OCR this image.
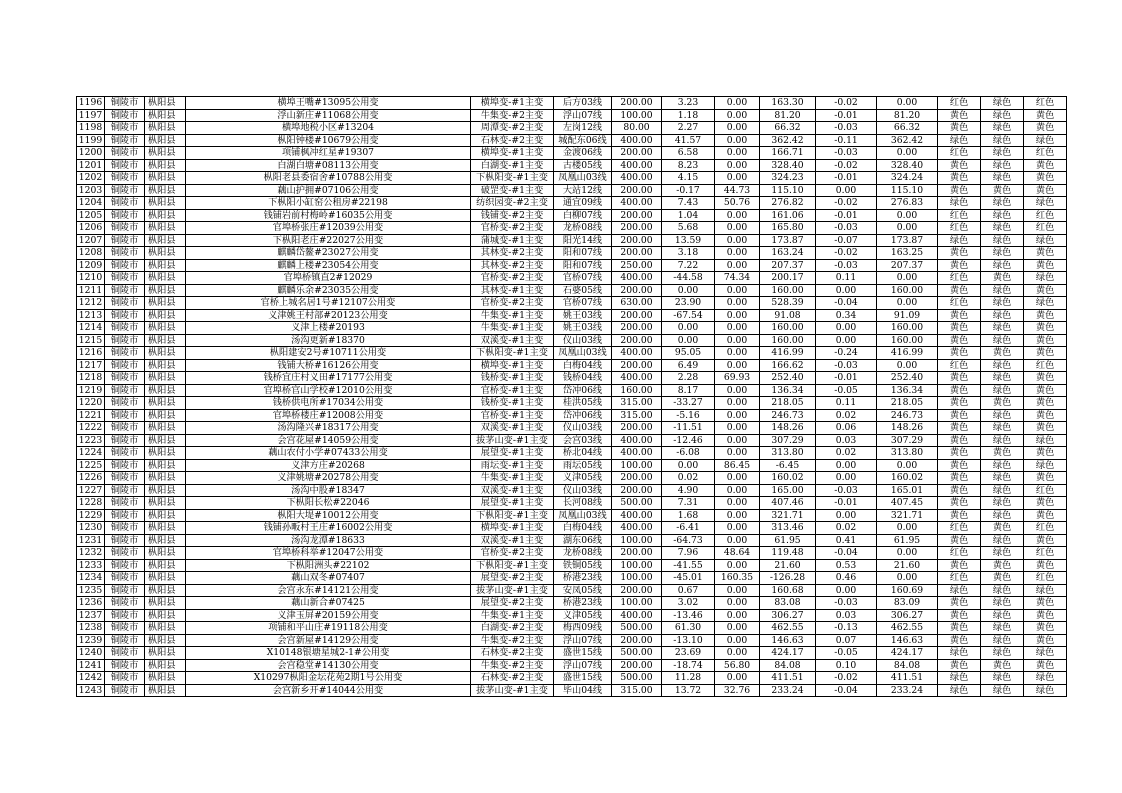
1196	铜陵市	枞阳县	横埠王嘴#13095公用变	横埠变-#1主变	后方03线	200.00	3.23	0.00	163.30	-0.02	0.00	红色	绿色	红色
1197	铜陵市	枞阳县	浮山新庄#11068公用变	牛集变-#2主变	浮山07线	100.00	1.18	0.00	81.20	-0.01	81.20	黄色	绿色	黄色
1198	铜陵市	枞阳县	横埠地税小区#13204	周潭变-#2主变	左岗12线	80.00	2.27	0.00	66.32	-0.03	66.32	黄色	绿色	黄色
1199	铜陵市	枞阳县	枞阳钟楼#10679公用变	石林变-#2主变	城配东06线	400.00	41.57	0.00	362.42	-0.11	362.42	绿色	绿色	绿色
1200	铜陵市	枞阳县	项铺枫冲红星#19307	横埠变-#1主变	金渡06线	200.00	6.58	0.00	166.71	-0.03	0.00	红色	绿色	红色
1201	铜陵市	枞阳县	白湖白塘#08113公用变	白湖变-#1主变	古楼05线	400.00	8.23	0.00	328.40	-0.02	328.40	黄色	绿色	黄色
1202	铜陵市	枞阳县	枞阳老县委宿舍#10788公用变	下枞阳变-#1主变	凤凰山03线	400.00	4.15	0.00	324.23	-0.01	324.24	黄色	绿色	黄色
1203	铜陵市	枞阳县	藕山护拥#07106公用变	破罡变-#1主变	大站12线	200.00	-0.17	44.73	115.10	0.00	115.10	黄色	黄色	黄色
1204	铜陵市	枞阳县	下枞阳小缸窑公租房#22198	纺织园变-#2主变	通宜09线	400.00	7.43	50.76	276.82	-0.02	276.83	绿色	绿色	绿色
1205	铜陵市	枞阳县	钱铺岩前村梅岭#16035公用变	钱铺变-#2主变	白柳07线	200.00	1.04	0.00	161.06	-0.01	0.00	红色	绿色	红色
1206	铜陵市	枞阳县	官埠桥张庄#12039公用变	官桥变-#2主变	龙桥08线	200.00	5.68	0.00	165.80	-0.03	0.00	红色	绿色	红色
1207	铜陵市	枞阳县	下枞阳老庄#22027公用变	蒲城变-#1主变	阳光14线	200.00	13.59	0.00	173.87	-0.07	173.87	绿色	绿色	绿色
1208	铜陵市	枞阳县	麒麟岱鳌#23027公用变	其林变-#2主变	阳和07线	200.00	3.18	0.00	163.24	-0.02	163.25	黄色	绿色	黄色
1209	铜陵市	枞阳县	麒麟上楼#23054公用变	其林变-#2主变	阳和07线	250.00	7.22	0.00	207.37	-0.03	207.37	黄色	绿色	黄色
1210	铜陵市	枞阳县	官埠桥镇直2#12029	官桥变-#2主变	官桥07线	400.00	-44.58	74.34	200.17	0.11	0.00	红色	黄色	绿色
1211	铜陵市	枞阳县	麒麟乐余#23035公用变	其林变-#1主变	石婆05线	200.00	0.00	0.00	160.00	0.00	160.00	黄色	绿色	黄色
1212	铜陵市	枞阳县	官桥上城名居1号#12107公用变	官桥变-#2主变	官桥07线	630.00	23.90	0.00	528.39	-0.04	0.00	红色	绿色	绿色
1213	铜陵市	枞阳县	义津姚王村部#20123公用变	牛集变-#1主变	姚王03线	200.00	-67.54	0.00	91.08	0.34	91.09	黄色	绿色	黄色
1214	铜陵市	枞阳县	义津上楼#20193	牛集变-#1主变	姚王03线	200.00	0.00	0.00	160.00	0.00	160.00	黄色	绿色	黄色
1215	铜陵市	枞阳县	汤沟更新#18370	双溪变-#1主变	仪山03线	200.00	0.00	0.00	160.00	0.00	160.00	黄色	绿色	黄色
1216	铜陵市	枞阳县	枞阳建安2号#10711公用变	下枞阳变-#1主变	凤凰山03线	400.00	95.05	0.00	416.99	-0.24	416.99	黄色	黄色	黄色
1217	铜陵市	枞阳县	钱铺大桥#16126公用变	横埠变-#1主变	白梅04线	200.00	6.49	0.00	166.62	-0.03	0.00	红色	绿色	红色
1218	铜陵市	枞阳县	钱桥宜庄村义田#17177公用变	钱桥变-#1主变	钱桥04线	400.00	2.28	69.93	252.40	-0.01	252.40	黄色	绿色	黄色
1219	铜陵市	枞阳县	官埠桥官山学校#12010公用变	官桥变-#1主变	岱冲06线	160.00	8.17	0.00	136.34	-0.05	136.34	黄色	绿色	黄色
1220	铜陵市	枞阳县	钱桥供电所#17034公用变	钱桥变-#1主变	桂洪05线	315.00	-33.27	0.00	218.05	0.11	218.05	黄色	黄色	黄色
1221	铜陵市	枞阳县	官埠桥楼庄#12008公用变	官桥变-#1主变	岱冲06线	315.00	-5.16	0.00	246.73	0.02	246.73	黄色	绿色	黄色
1222	铜陵市	枞阳县	汤沟隆兴#18317公用变	双溪变-#1主变	仪山03线	200.00	-11.51	0.00	148.26	0.06	148.26	黄色	绿色	黄色
1223	铜陵市	枞阳县	会宫花屋#14059公用变	拔茅山变-#1主变	会宫03线	400.00	-12.46	0.00	307.29	0.03	307.29	黄色	绿色	绿色
1224	铜陵市	枞阳县	藕山农付小学#07433公用变	展望变-#1主变	桥北04线	400.00	-6.08	0.00	313.80	0.02	313.80	黄色	黄色	黄色
1225	铜陵市	枞阳县	义津方庄#20268	雨坛变-#1主变	雨坛05线	100.00	0.00	86.45	-6.45	0.00	0.00	黄色	绿色	绿色
1226	铜陵市	枞阳县	义津姚塘#20278公用变	牛集变-#1主变	义津05线	200.00	0.02	0.00	160.02	0.00	160.02	黄色	绿色	黄色
1227	铜陵市	枞阳县	汤沟中股#18347	双溪变-#1主变	仪山03线	200.00	4.90	0.00	165.00	-0.03	165.01	黄色	绿色	红色
1228	铜陵市	枞阳县	下枞阳长松#22046	展望变-#1主变	长河08线	500.00	7.31	0.00	407.46	-0.01	407.45	黄色	绿色	黄色
1229	铜陵市	枞阳县	枞阳大堤#10012公用变	下枞阳变-#1主变	凤凰山03线	400.00	1.68	0.00	321.71	0.00	321.71	黄色	绿色	黄色
1230	铜陵市	枞阳县	钱铺孙畈村王庄#16002公用变	横埠变-#1主变	白梅04线	400.00	-6.41	0.00	313.46	0.02	0.00	红色	黄色	红色
1231	铜陵市	枞阳县	汤沟龙潭#18633	双溪变-#1主变	湖东06线	100.00	-64.73	0.00	61.95	0.41	61.95	黄色	绿色	黄色
1232	铜陵市	枞阳县	官埠桥科举#12047公用变	官桥变-#2主变	龙桥08线	200.00	7.96	48.64	119.48	-0.04	0.00	红色	绿色	红色
1233	铜陵市	枞阳县	下枞阳洲头#22102	下枞阳变-#1主变	铁铜05线	100.00	-41.55	0.00	21.60	0.53	21.60	黄色	黄色	黄色
1234	铜陵市	枞阳县	藕山双冬#07407	展望变-#2主变	桥港23线	100.00	-45.01	160.35	-126.28	0.46	0.00	红色	黄色	红色
1235	铜陵市	枞阳县	会宫永东#14121公用变	拔茅山变-#1主变	安凤05线	200.00	0.67	0.00	160.68	0.00	160.69	绿色	绿色	绿色
1236	铜陵市	枞阳县	藕山新合#07425	展望变-#2主变	桥港23线	100.00	3.02	0.00	83.08	-0.03	83.09	黄色	绿色	黄色
1237	铜陵市	枞阳县	义津玉屏#20159公用变	牛集变-#1主变	义津05线	400.00	-13.46	0.00	306.27	0.03	306.27	黄色	绿色	黄色
1238	铜陵市	枞阳县	项铺和平山庄#19118公用变	白湖变-#2主变	梅西09线	500.00	61.30	0.00	462.55	-0.13	462.55	黄色	绿色	黄色
1239	铜陵市	枞阳县	会宫新屋#14129公用变	牛集变-#2主变	浮山07线	200.00	-13.10	0.00	146.63	0.07	146.63	黄色	绿色	黄色
1240	铜陵市	枞阳县	X10148银塘星城2-1#公用变	石林变-#2主变	盛世15线	500.00	23.69	0.00	424.17	-0.05	424.17	绿色	绿色	绿色
1241	铜陵市	枞阳县	会宫稳堂#14130公用变	牛集变-#2主变	浮山07线	200.00	-18.74	56.80	84.08	0.10	84.08	黄色	黄色	黄色
1242	铜陵市	枞阳县	X10297枞阳金坛花苑2期1号公用变	石林变-#2主变	盛世15线	500.00	11.28	0.00	411.51	-0.02	411.51	绿色	绿色	绿色
1243	铜陵市	枞阳县	会宫新乡开#14044公用变	拔茅山变-#1主变	毕山04线	315.00	13.72	32.76	233.24	-0.04	233.24	绿色	绿色	绿色
